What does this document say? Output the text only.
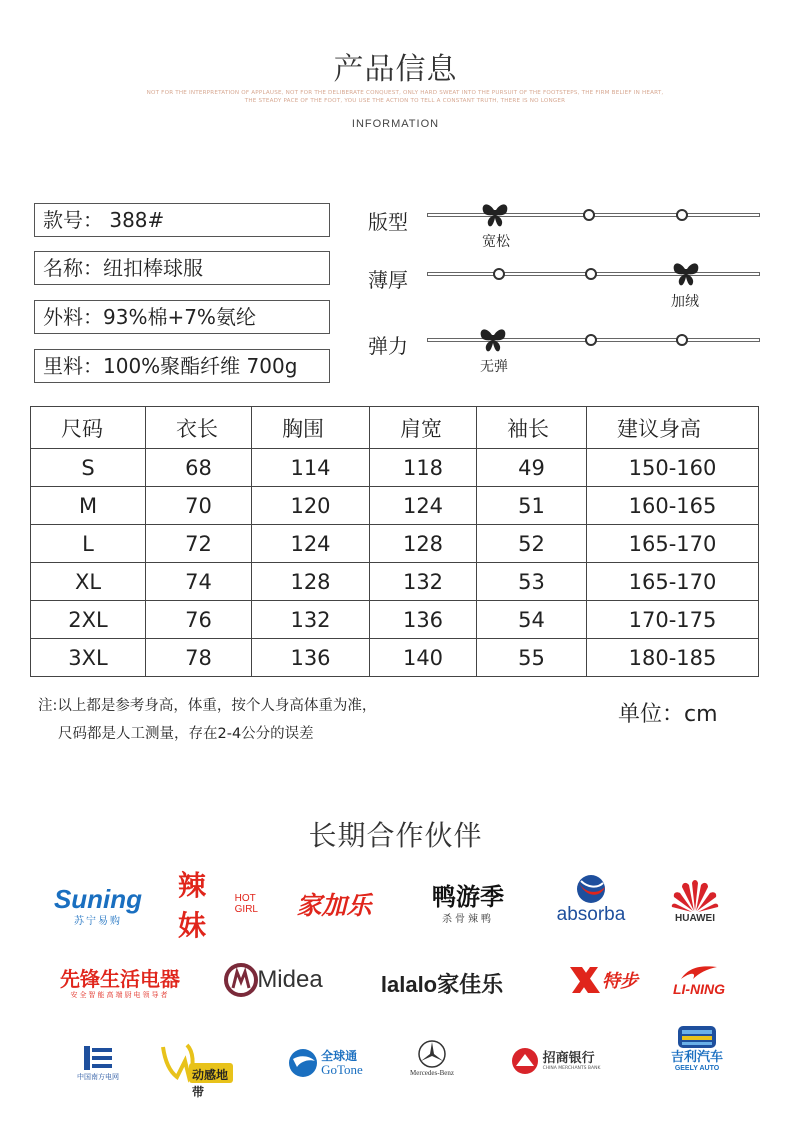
产品信息
NOT FOR THE INTERPRETATION OF APPLAUSE, NOT FOR THE DELIBERATE CONQUEST, ONLY HARD SWEAT INTO THE PURSUIT OF THE FOOTSTEPS, THE FIRM BELIEF IN HEART, THE STEADY PACE OF THE FOOT, YOU USE THE ACTION TO TELL A CONSTANT TRUTH, THERE IS NO LONGER
INFORMATION
款号： 388#
名称：纽扣棒球服
外料：93%棉+7%氨纶
里料：100%聚酯纤维 700g
版型
宽松
薄厚
加绒
弹力
无弹
尺码	衣长	胸围	肩宽	袖长	建议身高
S	68	114	118	49	150-160
M	70	120	124	51	160-165
L	72	124	128	52	165-170
XL	74	128	132	53	165-170
2XL	76	132	136	54	170-175
3XL	78	136	140	55	180-185
注:以上都是参考身高，体重，按个人身高体重为准，
尺码都是人工测量，存在2-4公分的误差
单位：cm
长期合作伙伴
Suning
苏宁易购
辣妹
HOT GIRL 家加乐	鸭游季
杀骨辣鸭	absorba	HUAWEI
先锋生活电器
安全智能高端厨电领导者
Midea	lalalo家佳乐	特步 LI-NING
中国南方电网	动感地带
全球通
GoTone	Mercedes-Benz
招商银行
CHINA MERCHANTS BANK
吉利汽车
GEELY AUTO
